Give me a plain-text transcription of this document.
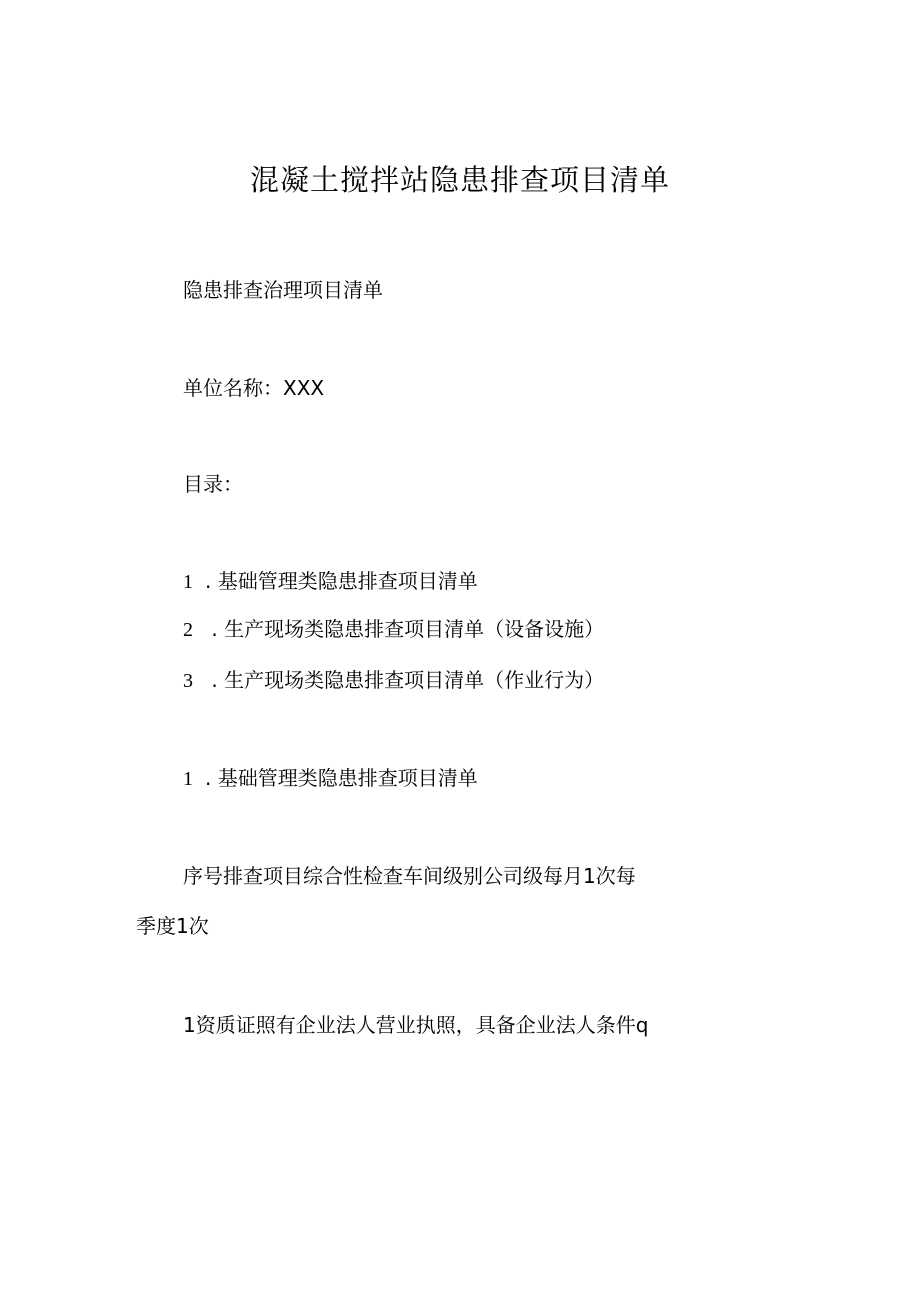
混凝土搅拌站隐患排查项目清单
隐患排查治理项目清单
单位名称：XXX
目录：
1 . 基础管理类隐患排查项目清单
2 . 生产现场类隐患排查项目清单（设备设施）
3 . 生产现场类隐患排查项目清单（作业行为）
1 . 基础管理类隐患排查项目清单
序号排查项目综合性检查车间级别公司级每月1次每
季度1次
1资质证照有企业法人营业执照，具备企业法人条件q
